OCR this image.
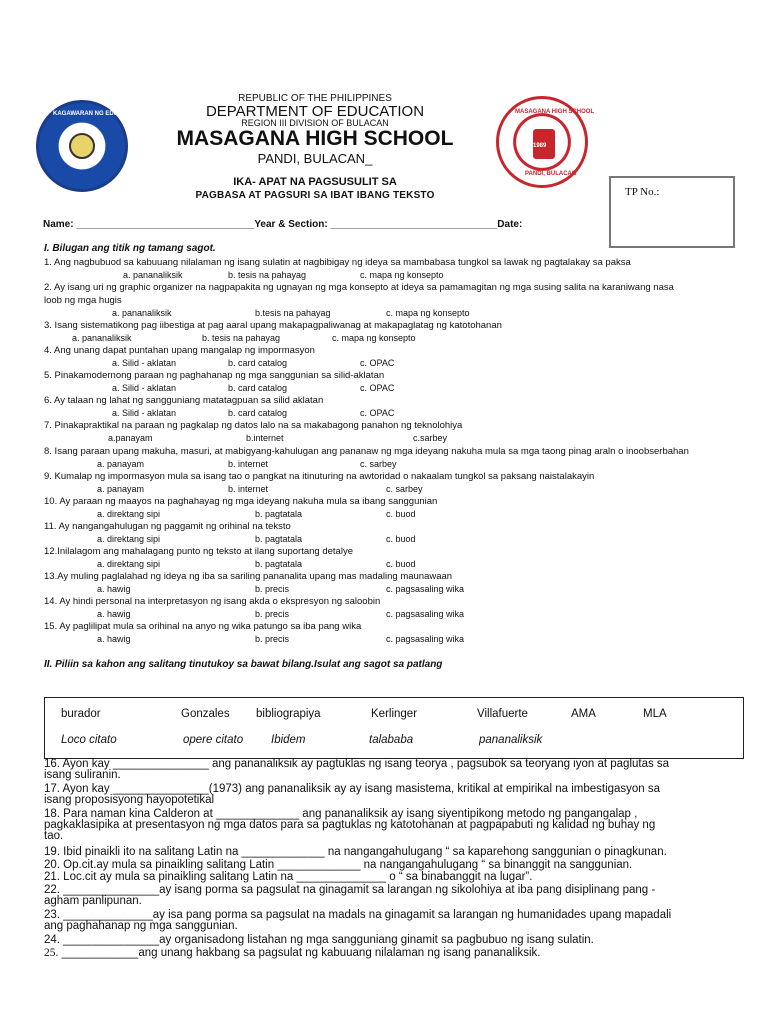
KAGAWARAN NG EDUKASYON	MASAGANA HIGH SCHOOL
1989
PANDI, BULACAN
REPUBLIC OF THE PHILIPPINES
DEPARTMENT OF EDUCATION
REGION III DIVISION OF BULACAN
MASAGANA HIGH SCHOOL
PANDI, BULACAN_
IKA- APAT NA PAGSUSULIT SA
PAGBASA AT PAGSURI SA IBAT IBANG TEKSTO	TP No.:
Name: ________________________________Year & Section: ______________________________Date:
I. Bilugan ang titik ng tamang sagot.
1. Ang nagbubuod sa kabuuang nilalaman ng isang sulatin at nagbibigay ng ideya sa mambabasa tungkol sa lawak ng pagtalakay sa paksa
a. pananaliksik	b. tesis na pahayag	c. mapa ng konsepto
2. Ay isang uri ng graphic organizer na nagpapakita ng ugnayan ng mga konsepto at ideya sa pamamagitan ng mga susing salita na karaniwang nasa
loob ng mga hugis
a. pananaliksik	b.tesis na pahayag	c. mapa ng konsepto
3. Isang sistematikong pag iibestiga at pag aaral upang makapagpaliwanag at makapaglatag ng katotohanan
a. pananaliksik	b. tesis na pahayag	c. mapa ng konsepto
4. Ang unang dapat puntahan upang mangalap ng impormasyon
a. Silid - aklatan	b. card catalog	c. OPAC
5. Pinakamodernong paraan ng paghahanap ng mga sanggunian sa silid-aklatan
a. Silid - aklatan	b. card catalog	c. OPAC
6. Ay talaan ng lahat ng sangguniang matatagpuan sa silid aklatan
a. Silid - aklatan	b. card catalog	c. OPAC
7. Pinakapraktikal na paraan ng pagkalap ng datos lalo na sa makabagong panahon ng teknolohiya
a.panayam	b.internet	c.sarbey
8. Isang paraan upang makuha, masuri, at mabigyang-kahulugan ang pananaw ng mga ideyang nakuha mula sa mga taong pinag araln o inoobserbahan
a. panayam	b. internet	c. sarbey
9. Kumalap ng impormasyon mula sa isang tao o pangkat na itinuturing na awtoridad o nakaalam tungkol sa paksang naistalakayin
a. panayam	b. internet	c. sarbey
10. Ay paraan ng maayos na paghahayag ng mga ideyang nakuha mula sa ibang sanggunian
a. direktang sipi	b. pagtatala	c. buod
11. Ay nangangahulugan ng paggamit ng orihinal na teksto
a. direktang sipi	b. pagtatala	c. buod
12.Inilalagom ang mahalagang punto ng teksto at ilang suportang detalye
a. direktang sipi	b. pagtatala	c. buod
13.Ay muling paglalahad ng ideya ng iba sa sariling pananalita upang mas madaling maunawaan
a. hawig	b. precis	c. pagsasaling wika
14. Ay hindi personal na interpretasyon ng isang akda o ekspresyon ng saloobin
a. hawig	b. precis	c. pagsasaling wika
15. Ay paglilipat mula sa orihinal na anyo ng wika patungo sa iba pang wika
a. hawig	b. precis	c. pagsasaling wika
II. Piliin sa kahon ang salitang tinutukoy sa bawat bilang.Isulat ang sagot sa patlang
burador	Gonzales bibliograpiya	Kerlinger	Villafuerte	AMA	MLA
Loco citato	opere citato Ibidem	talababa	pananaliksik
16. Ayon kay _______________ ang pananaliksik ay pagtuklas ng isang teorya , pagsubok sa teoryang iyon at paglutas sa
isang suliranin.
17. Ayon kay _______________(1973) ang pananaliksik ay ay isang masistema, kritikal at empirikal na imbestigasyon sa
isang proposisyong hayopotetikal
18. Para naman kina Calderon at _____________ ang pananaliksik ay isang siyentipikong metodo ng pangangalap ,
pagkaklasipika at presentasyon ng mga datos para sa pagtuklas ng katotohanan at pagpapabuti ng kalidad ng buhay ng
tao.
19. Ibid pinaikli ito na salitang Latin na _____________ na nangangahulugang “ sa kaparehong sanggunian o pinagkunan.
20. Op.cit.ay mula sa pinaikling salitang Latin _____________ na nangangahulugang “ sa binanggit na sanggunian.
21. Loc.cit ay mula sa pinaikling salitang Latin na ______________ o “ sa binabanggit na lugar”.
22. _______________ay isang porma sa pagsulat na ginagamit sa larangan ng sikolohiya at iba pang disiplinang pang -
agham panlipunan.
23. ______________ay isa pang porma sa pagsulat na madals na ginagamit sa larangan ng humanidades upang mapadali
ang paghahanap ng mga sanggunian.
24. _______________ay organisadong listahan ng mga sangguniang ginamit sa pagbubuo ng isang sulatin.
25. ____________ang unang hakbang sa pagsulat ng kabuuang nilalaman ng isang pananaliksik.
